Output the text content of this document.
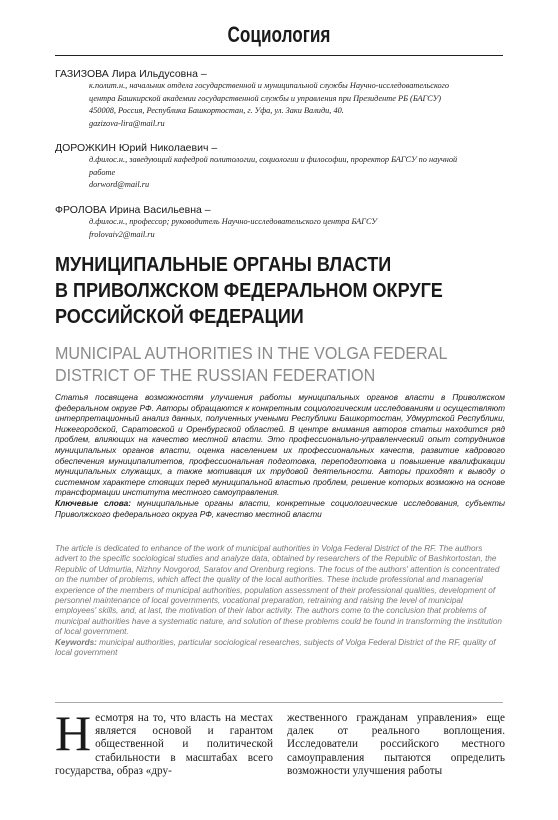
Социология
ГАЗИЗОВА Лира Ильдусовна –
к.полит.н., начальник отдела государственной и муниципальной службы Научно-исследовательского
центра Башкирской академии государственной службы и управления при Президенте РБ (БАГСУ)
450008, Россия, Республика Башкортостан, г. Уфа, ул. Заки Валиди, 40.
gazizova-lira@mail.ru
ДОРОЖКИН Юрий Николаевич –
д.филос.н., заведующий кафедрой политологии, социологии и философии, проректор БАГСУ по научной
работе
dorword@mail.ru
ФРОЛОВА Ирина Васильевна –
д.филос.н., профессор; руководитель Научно-исследовательского центра БАГСУ
frolovaiv2@mail.ru
МУНИЦИПАЛЬНЫЕ ОРГАНЫ ВЛАСТИ
В ПРИВОЛЖСКОМ ФЕДЕРАЛЬНОМ ОКРУГЕ
РОССИЙСКОЙ ФЕДЕРАЦИИ
MUNICIPAL AUTHORITIES IN THE VOLGA FEDERAL
DISTRICT OF THE RUSSIAN FEDERATION
Статья посвящена возможностям улучшения работы муниципальных органов власти в Приволжском федеральном округе РФ. Авторы обращаются к конкретным социологическим исследованиям и осуществляют интерпретационный анализ данных, полученных учеными Республики Башкортостан, Удмуртской Республики, Нижегородской, Саратовской и Оренбургской областей. В центре внимания авторов статьи находится ряд проблем, влияющих на качество местной власти. Это профессионально-управленческий опыт сотрудников муниципальных органов власти, оценка населением их профессиональных качеств, развитие кадрового обеспечения муниципалитетов, профессиональная подготовка, переподготовка и повышение квалификации муниципальных служащих, а также мотивация их трудовой деятельности. Авторы приходят к выводу о системном характере стоящих перед муниципальной властью проблем, решение которых возможно на основе трансформации института местного самоуправления.
Ключевые слова: муниципальные органы власти, конкретные социологические исследования, субъекты Приволжского федерального округа РФ, качество местной власти
The article is dedicated to enhance of the work of municipal authorities in Volga Federal District of the RF. The authors advert to the specific sociological studies and analyze data, obtained by researchers of the Republic of Bashkortostan, the Republic of Udmurtia, Nizhny Novgorod, Saratov and Orenburg regions. The focus of the authors' attention is concentrated on the number of problems, which affect the quality of the local authorities. These include professional and managerial experience of the members of municipal authorities, population assessment of their professional qualities, development of personnel maintenance of local governments, vocational preparation, retraining and raising the level of municipal employees' skills, and, at last, the motivation of their labor activity. The authors come to the conclusion that problems of municipal authorities have a systematic nature, and solution of these problems could be found in transforming the institution of local government.
Keywords: municipal authorities, particular sociological researches, subjects of Volga Federal District of the RF, quality of local government
Н есмотря на то, что власть на местах является основой и гарантом общественной и политической стабильности в масштабах всего государства, образ «дру-
жественного гражданам управления» еще далек от реального воплощения. Исследователи российского местного самоуправления пытаются определить возможности улучшения работы
